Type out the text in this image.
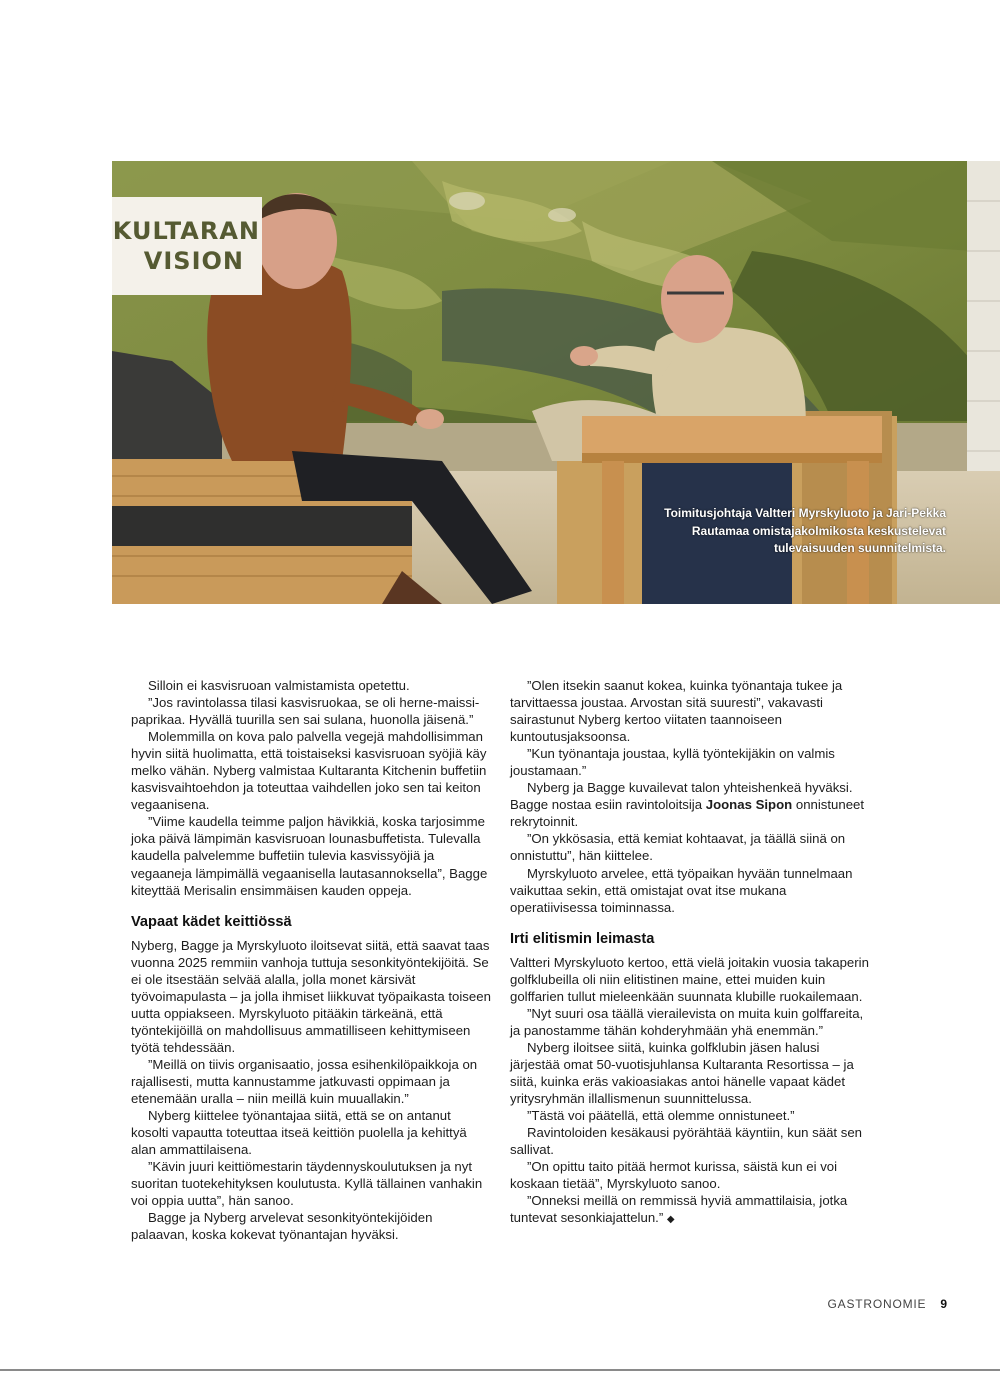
KULTARAN
VISION
Toimitusjohtaja Valtteri Myrskyluoto ja Jari-Pekka Rautamaa omistajakolmikosta keskustelevat tulevaisuuden suunnitelmista.

Silloin ei kasvisruoan valmistamista opetettu.

”Jos ravintolassa tilasi kasvisruokaa, se oli herne-maissi-paprikaa. Hyvällä tuurilla sen sai sulana, huonolla jäisenä.”

Molemmilla on kova palo palvella vegejä mahdollisimman hyvin siitä huolimatta, että toistaiseksi kasvisruoan syöjiä käy melko vähän. Nyberg valmistaa Kultaranta Kitchenin buffetiin kasvisvaihtoehdon ja toteuttaa vaihdellen joko sen tai keiton vegaanisena.

”Viime kaudella teimme paljon hävikkiä, koska tarjosimme joka päivä lämpimän kasvisruoan lounasbuffetista. Tulevalla kaudella palvelemme buffetiin tulevia kasvissyöjiä ja vegaaneja lämpimällä vegaanisella lautasannoksella”, Bagge kiteyttää Merisalin ensimmäisen kauden oppeja.

Vapaat kädet keittiössä

Nyberg, Bagge ja Myrskyluoto iloitsevat siitä, että saavat taas vuonna 2025 remmiin vanhoja tuttuja sesonkityöntekijöitä. Se ei ole itsestään selvää alalla, jolla monet kärsivät työvoimapulasta – ja jolla ihmiset liikkuvat työpaikasta toiseen uutta oppiakseen. Myrskyluoto pitääkin tärkeänä, että työntekijöillä on mahdollisuus ammatilliseen kehittymiseen työtä tehdessään.

”Meillä on tiivis organisaatio, jossa esihenkilöpaikkoja on rajallisesti, mutta kannustamme jatkuvasti oppimaan ja etenemään uralla – niin meillä kuin muuallakin.”

Nyberg kiittelee työnantajaa siitä, että se on antanut kosolti vapautta toteuttaa itseä keittiön puolella ja kehittyä alan ammattilaisena.

”Kävin juuri keittiömestarin täydennyskoulutuksen ja nyt suoritan tuotekehityksen koulutusta. Kyllä tällainen vanhakin voi oppia uutta”, hän sanoo.

Bagge ja Nyberg arvelevat sesonkityöntekijöiden palaavan, koska kokevat työnantajan hyväksi.

”Olen itsekin saanut kokea, kuinka työnantaja tukee ja tarvittaessa joustaa. Arvostan sitä suuresti”, vakavasti sairastunut Nyberg kertoo viitaten taannoiseen kuntoutusjaksoonsa.

”Kun työnantaja joustaa, kyllä työntekijäkin on valmis joustamaan.”

Nyberg ja Bagge kuvailevat talon yhteishenkeä hyväksi. Bagge nostaa esiin ravintoloitsija Joonas Sipon onnistuneet rekrytoinnit.

”On ykkösasia, että kemiat kohtaavat, ja täällä siinä on onnistuttu”, hän kiittelee.

Myrskyluoto arvelee, että työpaikan hyvään tunnelmaan vaikuttaa sekin, että omistajat ovat itse mukana operatiivisessa toiminnassa.

Irti elitismin leimasta

Valtteri Myrskyluoto kertoo, että vielä joitakin vuosia takaperin golfklubeilla oli niin elitistinen maine, ettei muiden kuin golffarien tullut mieleenkään suunnata klubille ruokailemaan.

”Nyt suuri osa täällä vierailevista on muita kuin golffareita, ja panostamme tähän kohderyhmään yhä enemmän.”

Nyberg iloitsee siitä, kuinka golfklubin jäsen halusi järjestää omat 50-vuotisjuhlansa Kultaranta Resortissa – ja siitä, kuinka eräs vakioasiakas antoi hänelle vapaat kädet yritysryhmän illallismenun suunnittelussa.

”Tästä voi päätellä, että olemme onnistuneet.”

Ravintoloiden kesäkausi pyörähtää käyntiin, kun säät sen sallivat.

”On opittu taito pitää hermot kurissa, säistä kun ei voi koskaan tietää”, Myrskyluoto sanoo.

”Onneksi meillä on remmissä hyviä ammattilaisia, jotka tuntevat sesonkiajattelun.” ◆

GASTRONOMIE 9
